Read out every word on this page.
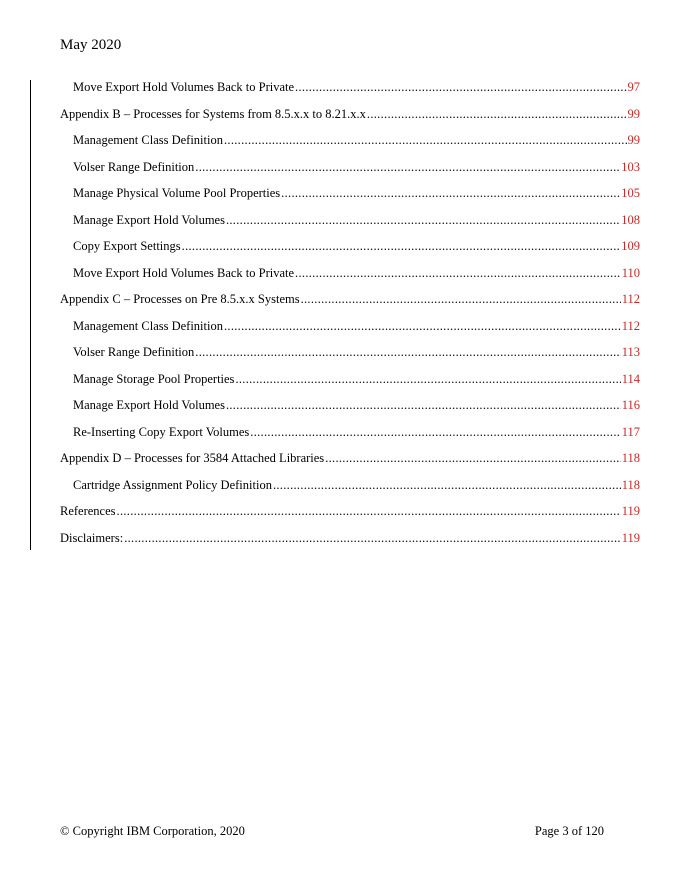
May 2020
Move Export Hold Volumes Back to Private .....	97
Appendix B – Processes for Systems from 8.5.x.x to 8.21.x.x .....	99
Management Class Definition .....	99
Volser Range Definition .....	103
Manage Physical Volume Pool Properties .....	105
Manage Export Hold Volumes .....	108
Copy Export Settings .....	109
Move Export Hold Volumes Back to Private .....	110
Appendix C – Processes on Pre 8.5.x.x Systems .....	112
Management Class Definition .....	112
Volser Range Definition .....	113
Manage Storage Pool Properties .....	114
Manage Export Hold Volumes .....	116
Re-Inserting Copy Export Volumes .....	117
Appendix D – Processes for 3584 Attached Libraries .....	118
Cartridge Assignment Policy Definition .....	118
References .....	119
Disclaimers: .....	119
© Copyright IBM Corporation, 2020	Page 3 of 120
